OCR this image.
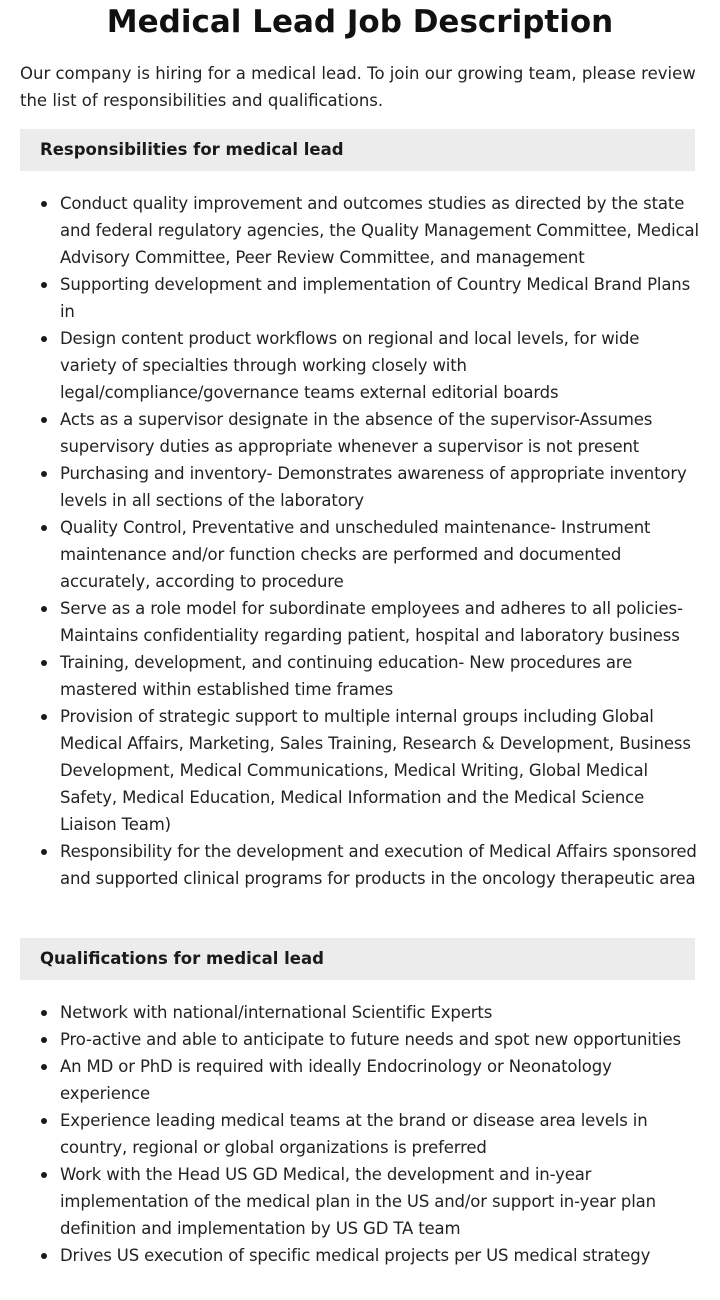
Medical Lead Job Description

Our company is hiring for a medical lead. To join our growing team, please review the list of responsibilities and qualifications.

Responsibilities for medical lead
Conduct quality improvement and outcomes studies as directed by the state and federal regulatory agencies, the Quality Management Committee, Medical Advisory Committee, Peer Review Committee, and management
Supporting development and implementation of Country Medical Brand Plans in
Design content product workflows on regional and local levels, for wide variety of specialties through working closely with legal/compliance/governance teams external editorial boards
Acts as a supervisor designate in the absence of the supervisor-Assumes supervisory duties as appropriate whenever a supervisor is not present
Purchasing and inventory- Demonstrates awareness of appropriate inventory levels in all sections of the laboratory
Quality Control, Preventative and unscheduled maintenance- Instrument maintenance and/or function checks are performed and documented accurately, according to procedure
Serve as a role model for subordinate employees and adheres to all policies- Maintains confidentiality regarding patient, hospital and laboratory business
Training, development, and continuing education- New procedures are mastered within established time frames
Provision of strategic support to multiple internal groups including Global Medical Affairs, Marketing, Sales Training, Research & Development, Business Development, Medical Communications, Medical Writing, Global Medical Safety, Medical Education, Medical Information and the Medical Science Liaison Team)
Responsibility for the development and execution of Medical Affairs sponsored and supported clinical programs for products in the oncology therapeutic area
Qualifications for medical lead
Network with national/international Scientific Experts
Pro-active and able to anticipate to future needs and spot new opportunities
An MD or PhD is required with ideally Endocrinology or Neonatology experience
Experience leading medical teams at the brand or disease area levels in country, regional or global organizations is preferred
Work with the Head US GD Medical, the development and in-year implementation of the medical plan in the US and/or support in-year plan definition and implementation by US GD TA team
Drives US execution of specific medical projects per US medical strategy
